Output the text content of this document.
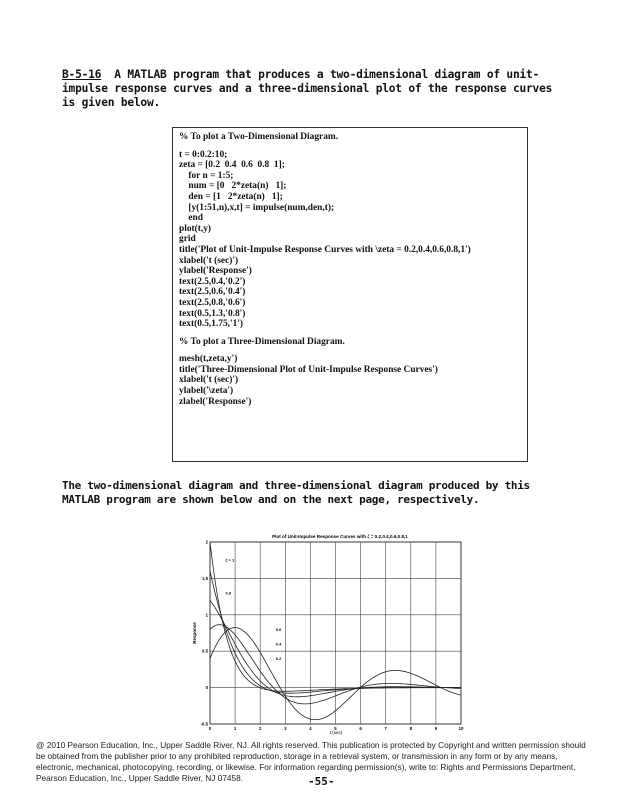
B-5-16 A MATLAB program that produces a two-dimensional diagram of unit-impulse response curves and a three-dimensional plot of the response curves is given below.
% To plot a Two-Dimensional Diagram.
t = 0:0.2:10;
zeta = [0.2  0.4  0.6  0.8  1];
for n = 1:5;
num = [0   2*zeta(n)   1];
den = [1   2*zeta(n)   1];
[y(1:51,n),x,t] = impulse(num,den,t);
end
plot(t,y)
grid
title('Plot of Unit-Impulse Response Curves with \zeta = 0.2,0.4,0.6,0.8,1')
xlabel('t (sec)')
ylabel('Response')
text(2.5,0.4,'0.2')
text(2.5,0.6,'0.4')
text(2.5,0.8,'0.6')
text(0.5,1.3,'0.8')
text(0.5,1.75,'1')
% To plot a Three-Dimensional Diagram.
mesh(t,zeta,y')
title('Three-Dimensional Plot of Unit-Impulse Response Curves')
xlabel('t (sec)')
ylabel('\zeta')
zlabel('Response')
The two-dimensional diagram and three-dimensional diagram produced by this MATLAB program are shown below and on the next page, respectively.
Plot of Unit-Impulse Response Curves with ζ = 0.2,0.4,0.6,0.8,1
2
1.5
1
0.5
0
-0.5
0	1	2	3	4	5	6	7	8	9	10
Response
t (sec)
ζ = 1
0.8
0.6
0.4
0.2
@ 2010 Pearson Education, Inc., Upper Saddle River, NJ. All rights reserved. This publication is protected by Copyright and written permission should be obtained from the publisher prior to any prohibited reproduction, storage in a retrieval system, or transmission in any form or by any means, electronic, mechanical, photocopying, recording, or likewise. For information regarding permission(s), write to: Rights and Permissions Department, Pearson Education, Inc., Upper Saddle River, NJ 07458.	-55-
